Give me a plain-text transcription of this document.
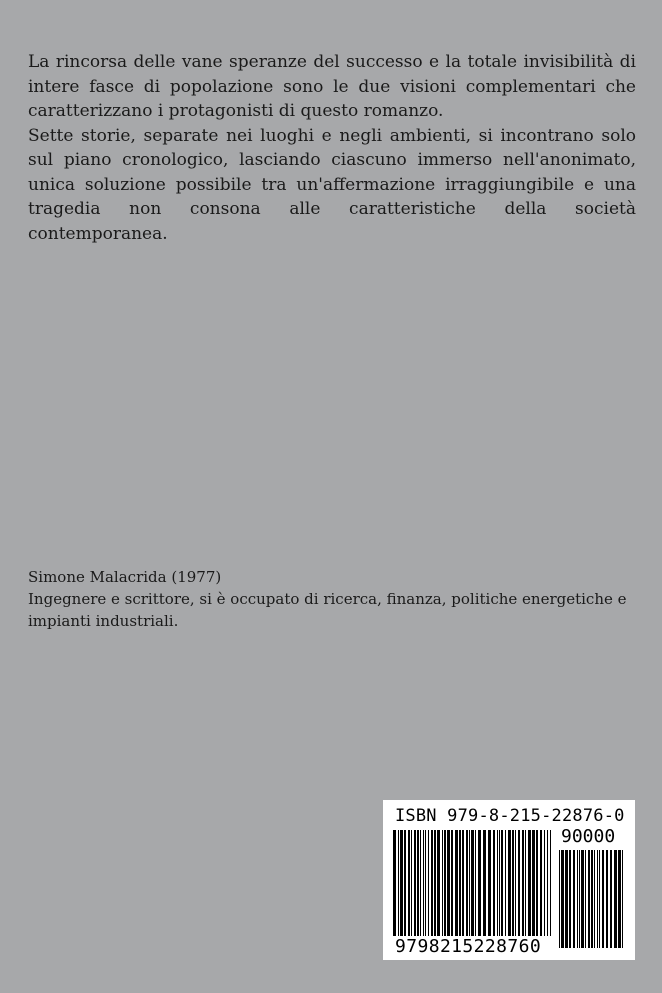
La rincorsa delle vane speranze del successo e la totale invisibilità di intere fasce di popolazione sono le due visioni complementari che caratterizzano i protagonisti di questo romanzo.

Sette storie, separate nei luoghi e negli ambienti, si incontrano solo sul piano cronologico, lasciando ciascuno immerso nell'anonimato, unica soluzione possibile tra un'affermazione irraggiungibile e una tragedia non consona alle caratteristiche della società contemporanea.

Simone Malacrida (1977)

Ingegnere e scrittore, si è occupato di ricerca, finanza, politiche energetiche e impianti industriali.

ISBN 979-8-215-22876-0
90000
9798215228760
